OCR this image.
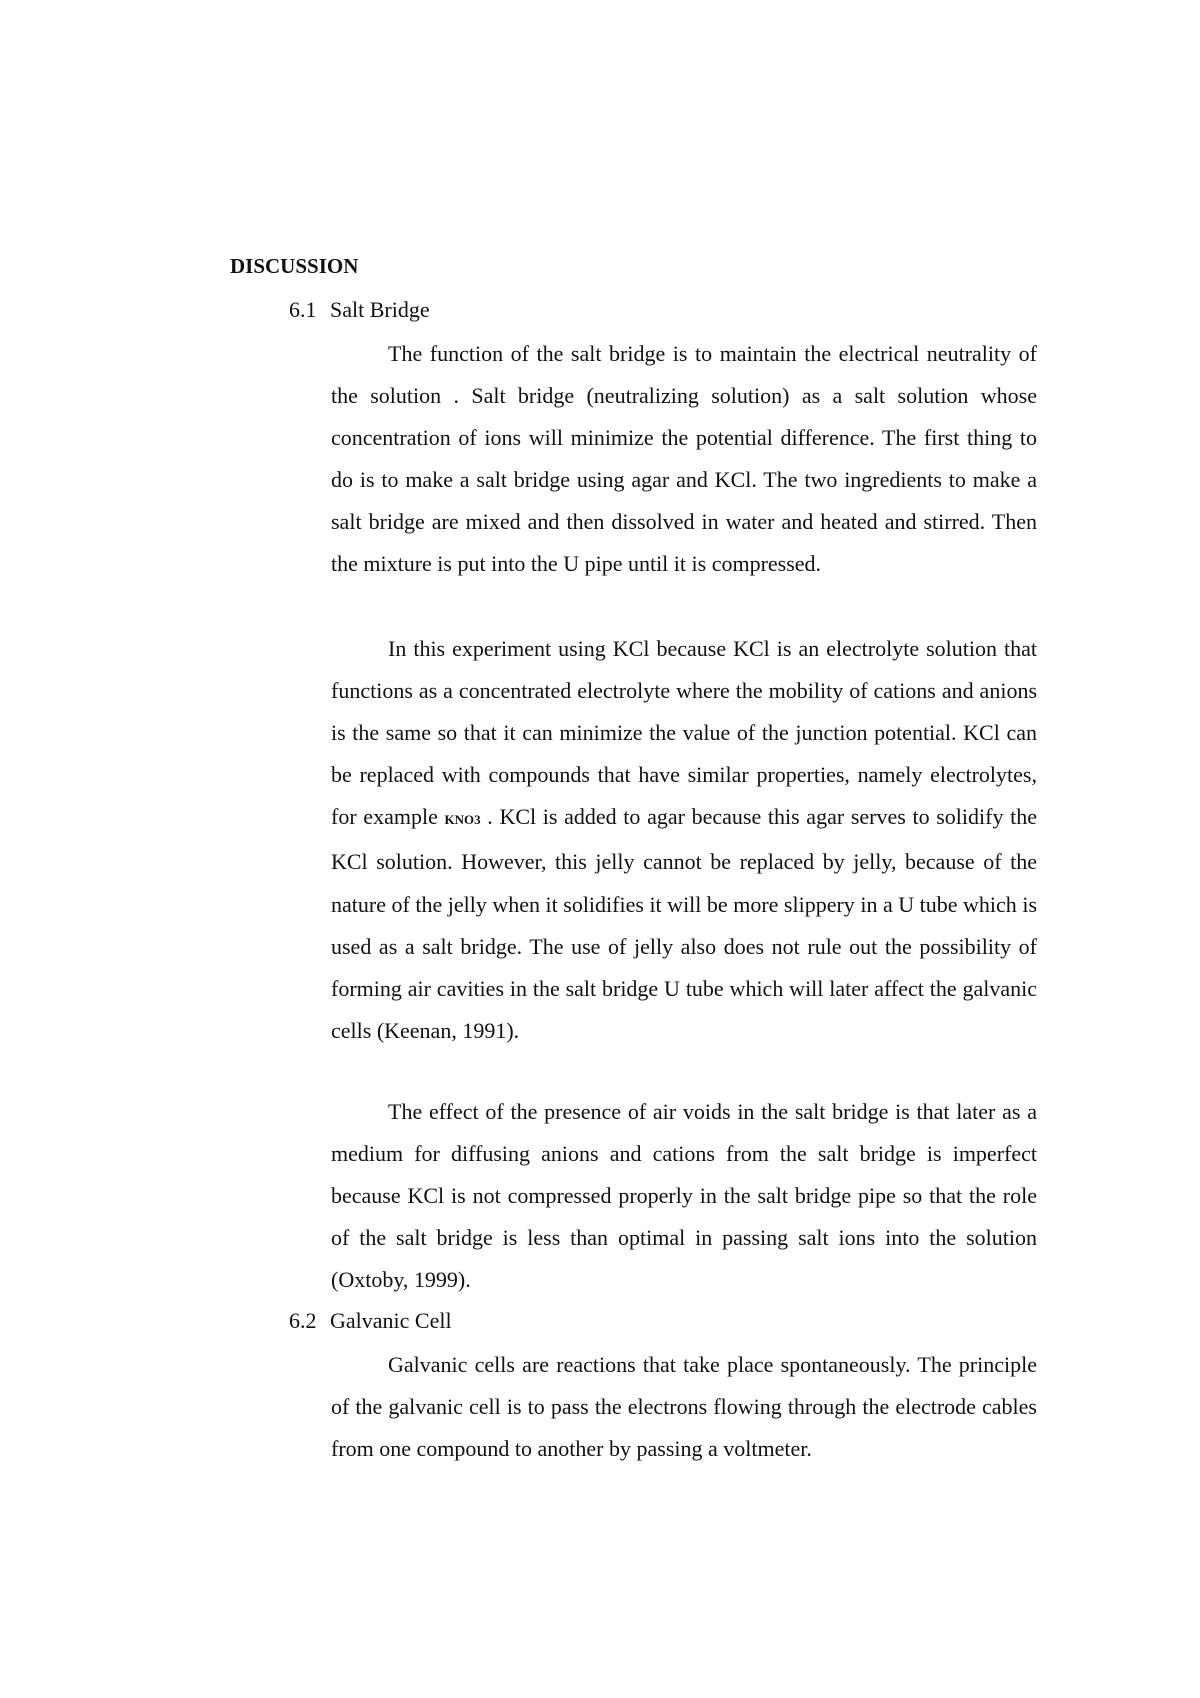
DISCUSSION
6.1 Salt Bridge
The function of the salt bridge is to maintain the electrical neutrality of the solution . Salt bridge (neutralizing solution) as a salt solution whose concentration of ions will minimize the potential difference. The first thing to do is to make a salt bridge using agar and KCl. The two ingredients to make a salt bridge are mixed and then dissolved in water and heated and stirred. Then the mixture is put into the U pipe until it is compressed.
In this experiment using KCl because KCl is an electrolyte solution that functions as a concentrated electrolyte where the mobility of cations and anions is the same so that it can minimize the value of the junction potential. KCl can be replaced with compounds that have similar properties, namely electrolytes, for example KNO3 . KCl is added to agar because this agar serves to solidify the KCl solution. However, this jelly cannot be replaced by jelly, because of the nature of the jelly when it solidifies it will be more slippery in a U tube which is used as a salt bridge. The use of jelly also does not rule out the possibility of forming air cavities in the salt bridge U tube which will later affect the galvanic cells (Keenan, 1991).
The effect of the presence of air voids in the salt bridge is that later as a medium for diffusing anions and cations from the salt bridge is imperfect because KCl is not compressed properly in the salt bridge pipe so that the role of the salt bridge is less than optimal in passing salt ions into the solution (Oxtoby, 1999).
6.2 Galvanic Cell
Galvanic cells are reactions that take place spontaneously. The principle of the galvanic cell is to pass the electrons flowing through the electrode cables from one compound to another by passing a voltmeter.
